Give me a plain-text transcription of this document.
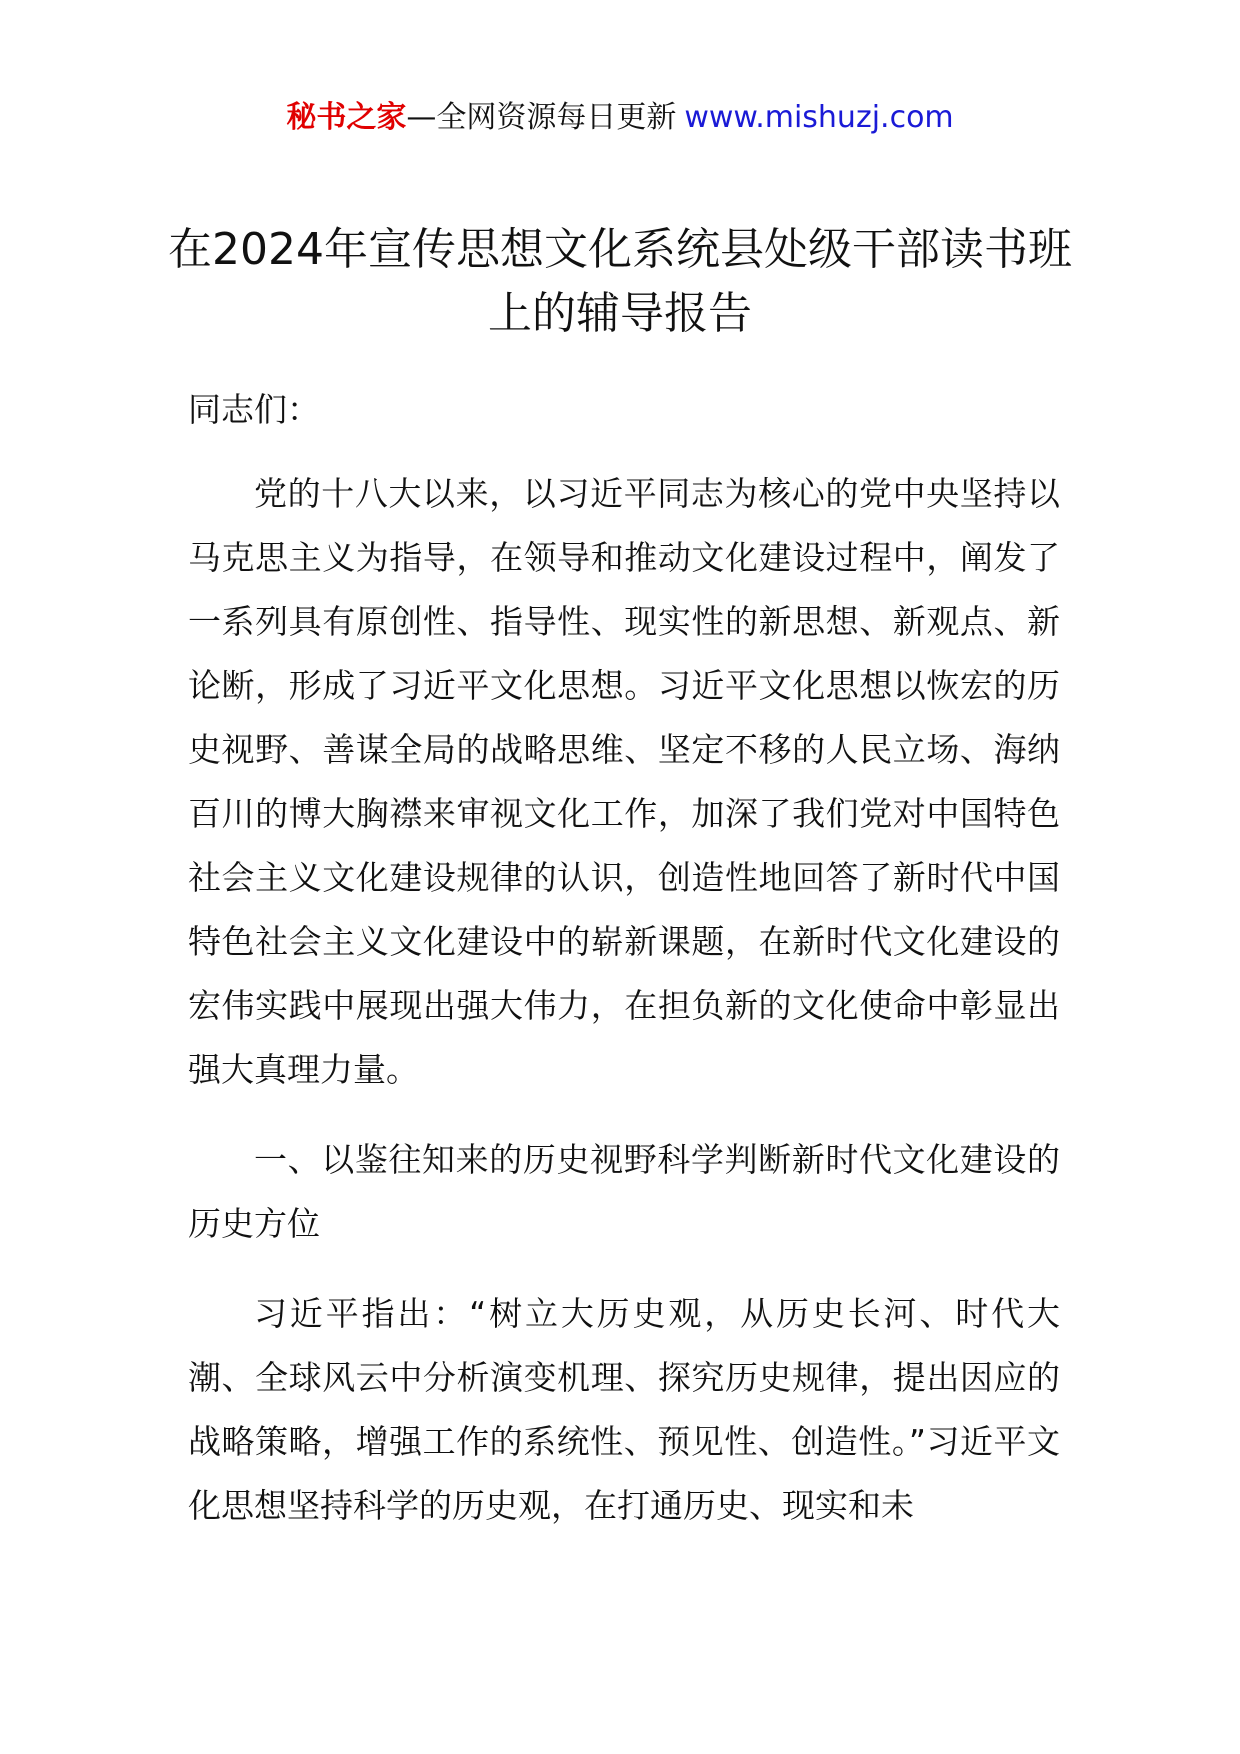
秘书之家—全网资源每日更新 www.mishuzj.com
在2024年宣传思想文化系统县处级干部读书班上的辅导报告
同志们：
党的十八大以来，以习近平同志为核心的党中央坚持以马克思主义为指导，在领导和推动文化建设过程中，阐发了一系列具有原创性、指导性、现实性的新思想、新观点、新论断，形成了习近平文化思想。习近平文化思想以恢宏的历史视野、善谋全局的战略思维、坚定不移的人民立场、海纳百川的博大胸襟来审视文化工作，加深了我们党对中国特色社会主义文化建设规律的认识，创造性地回答了新时代中国特色社会主义文化建设中的崭新课题，在新时代文化建设的宏伟实践中展现出强大伟力，在担负新的文化使命中彰显出强大真理力量。
一、以鉴往知来的历史视野科学判断新时代文化建设的历史方位
习近平指出：“树立大历史观，从历史长河、时代大潮、全球风云中分析演变机理、探究历史规律，提出因应的战略策略，增强工作的系统性、预见性、创造性。”习近平文化思想坚持科学的历史观，在打通历史、现实和未
